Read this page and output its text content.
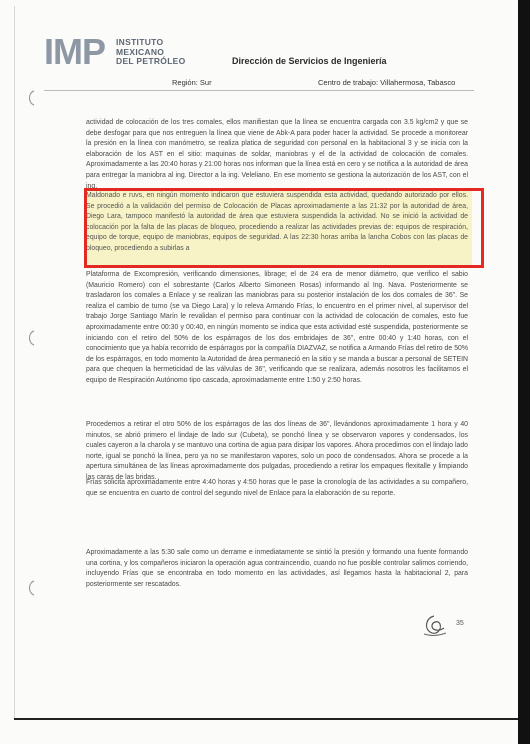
IMP INSTITUTO
MEXICANO
DEL PETRÓLEO	Dirección de Servicios de Ingeniería
Región: Sur	Centro de trabajo: Villahermosa, Tabasco
actividad de colocación de los tres comales, ellos manifiestan que la línea se encuentra cargada con 3.5 kg/cm2 y que se debe desfogar para que nos entreguen la línea que viene de Abk-A para poder hacer la actividad. Se procede a monitorear la presión en la línea con manómetro, se realiza platica de seguridad con personal en la habitacional 3 y se inicia con la elaboración de los AST en el sitio: maquinas de soldar, maniobras y el de la actividad de colocación de comales. Aproximadamente a las 20:40 horas y 21:00 horas nos informan que la línea está en cero y se notifica a la autoridad de área para entregar la maniobra al ing. Director a la ing. Veleliano. En ese momento se gestiona la autorización de los AST, con el ing.
Maldonado e ruvs, en ningún momento indicaron que estuviera suspendida esta actividad, quedando autorizado por ellos. Se procedió a la validación del permiso de Colocación de Placas aproximadamente a las 21:32 por la autoridad de área, Diego Lara, tampoco manifestó la autoridad de área que estuviera suspendida la actividad. No se inició la actividad de colocación por la falta de las placas de bloqueo, procediendo a realizar las actividades previas de: equipos de respiración, equipo de torque, equipo de maniobras, equipos de seguridad. A las 22:30 horas arriba la lancha Cobos con las placas de bloqueo, procediendo a subirlas a
Plataforma de Excompresión, verificando dimensiones, librage; el de 24 era de menor diámetro, que verifico el sabio (Mauricio Romero) con el sobrestante (Carlos Alberto Simoneen Rosas) informando al Ing. Nava. Posteriormente se trasladaron los comales a Enlace y se realizan las maniobras para su posterior instalación de los dos comales de 36". Se realiza el cambio de turno (se va Diego Lara) y lo releva Armando Frías, lo encuentro en el primer nivel, al supervisor del trabajo Jorge Santiago Marín le revalidan el permiso para continuar con la actividad de colocación de comales, esto fue aproximadamente entre 00:30 y 00:40, en ningún momento se indica que esta actividad esté suspendida, posteriormente se iniciando con el retiro del 50% de los espárragos de los dos embridajes de 36", entre 00:40 y 1:40 horas, con el conocimiento que ya había recorrido de espárragos por la compañía DIAZVAZ, se notifica a Armando Frías del retiro de 50% de los espárragos, en todo momento la Autoridad de área permaneció en la sitio y se manda a buscar a personal de SETEIN para que chequen la hermeticidad de las válvulas de 36", verificando que se realizara, además nosotros les facilitamos el equipo de Respiración Autónomo tipo cascada, aproximadamente entre 1:50 y 2:50 horas.
Procedemos a retirar el otro 50% de los espárragos de las dos líneas de 36", llevándonos aproximadamente 1 hora y 40 minutos, se abrió primero el lindaje de lado sur (Cubeta), se ponchó línea y se observaron vapores y condensados, los cuales cayeron a la charola y se mantuvo una cortina de agua para disipar los vapores. Ahora procedimos con el lindajo lado norte, igual se ponchó la línea, pero ya no se manifestaron vapores, solo un poco de condensados. Ahora se procede a la apertura simultánea de las líneas aproximadamente dos pulgadas, procediendo a retirar los empaques flexitalle y limpiando las caras de las bridas.
Frías solicita aproximadamente entre 4:40 horas y 4:50 horas que le pase la cronología de las actividades a su compañero, que se encuentra en cuarto de control del segundo nivel de Enlace para la elaboración de su reporte.
Aproximadamente a las 5:30 sale como un derrame e inmediatamente se sintió la presión y formando una fuente formando una cortina, y los compañeros iniciaron la operación agua contraincendio, cuando no fue posible controlar salimos corriendo, incluyendo Frías que se encontraba en todo momento en las actividades, así llegamos hasta la habitacional 2, para posteriormente ser rescatados.
35
